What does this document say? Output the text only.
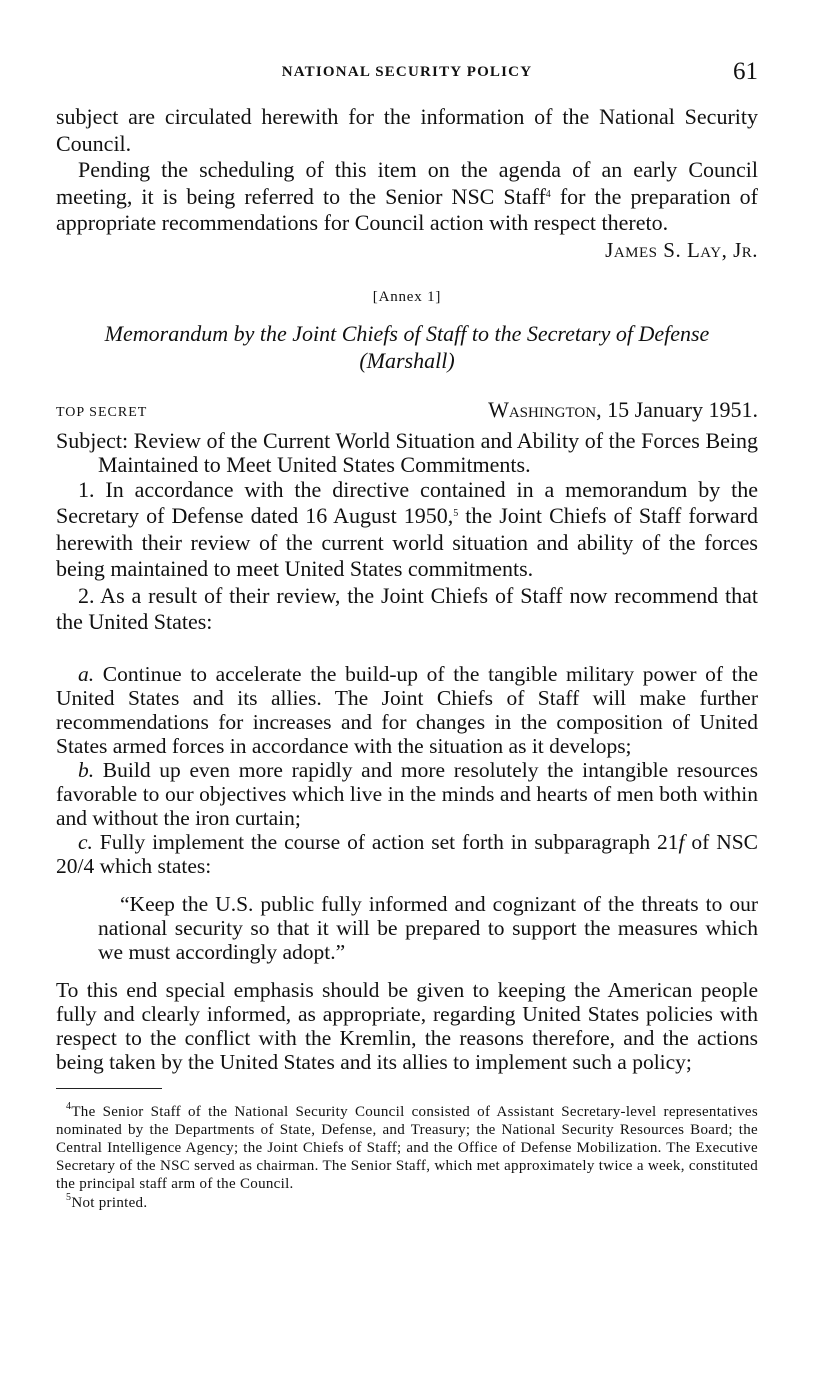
NATIONAL SECURITY POLICY	61

subject are circulated herewith for the information of the National Security Council.

Pending the scheduling of this item on the agenda of an early Council meeting, it is being referred to the Senior NSC Staff$^4$ for the preparation of appropriate recommendations for Council action with respect thereto.

James S. Lay, Jr.

[Annex 1]

Memorandum by the Joint Chiefs of Staff to the Secretary of Defense
(Marshall)
TOP SECRET	Washington, 15 January 1951.

Subject: Review of the Current World Situation and Ability of the Forces Being Maintained to Meet United States Commitments.

1. In accordance with the directive contained in a memorandum by the Secretary of Defense dated 16 August 1950,$^5$ the Joint Chiefs of Staff forward herewith their review of the current world situation and ability of the forces being maintained to meet United States commitments.

2. As a result of their review, the Joint Chiefs of Staff now recommend that the United States:

a. Continue to accelerate the build-up of the tangible military power of the United States and its allies. The Joint Chiefs of Staff will make further recommendations for increases and for changes in the composition of United States armed forces in accordance with the situation as it develops;

b. Build up even more rapidly and more resolutely the intangible resources favorable to our objectives which live in the minds and hearts of men both within and without the iron curtain;

c. Fully implement the course of action set forth in subparagraph 21f of NSC 20/4 which states:

“Keep the U.S. public fully informed and cognizant of the threats to our national security so that it will be prepared to support the measures which we must accordingly adopt.”

To this end special emphasis should be given to keeping the American people fully and clearly informed, as appropriate, regarding United States policies with respect to the conflict with the Kremlin, the reasons therefore, and the actions being taken by the United States and its allies to implement such a policy;

$^4$The Senior Staff of the National Security Council consisted of Assistant Secretary-level representatives nominated by the Departments of State, Defense, and Treasury; the National Security Resources Board; the Central Intelligence Agency; the Joint Chiefs of Staff; and the Office of Defense Mobilization. The Executive Secretary of the NSC served as chairman. The Senior Staff, which met approximately twice a week, constituted the principal staff arm of the Council.

$^5$Not printed.
